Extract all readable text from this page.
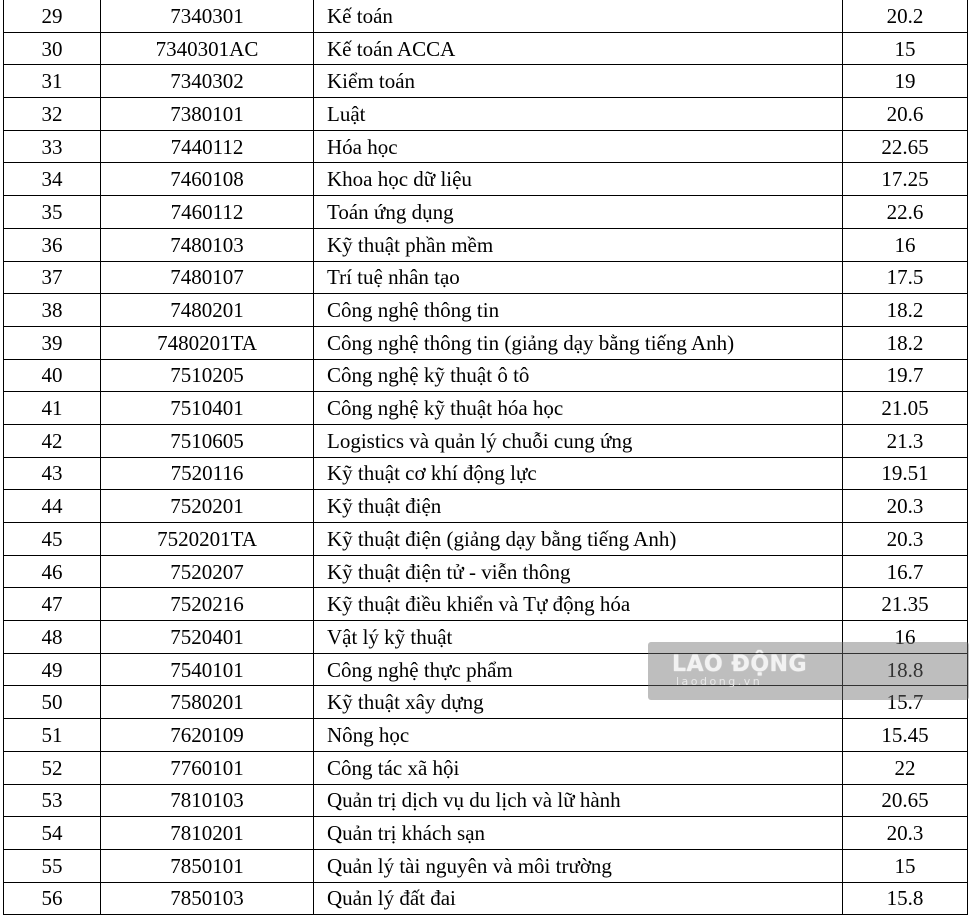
29	7340301	Kế toán	20.2
30	7340301AC	Kế toán ACCA	15
31	7340302	Kiểm toán	19
32	7380101	Luật	20.6
33	7440112	Hóa học	22.65
34	7460108	Khoa học dữ liệu	17.25
35	7460112	Toán ứng dụng	22.6
36	7480103	Kỹ thuật phần mềm	16
37	7480107	Trí tuệ nhân tạo	17.5
38	7480201	Công nghệ thông tin	18.2
39	7480201TA	Công nghệ thông tin (giảng dạy bằng tiếng Anh)	18.2
40	7510205	Công nghệ kỹ thuật ô tô	19.7
41	7510401	Công nghệ kỹ thuật hóa học	21.05
42	7510605	Logistics và quản lý chuỗi cung ứng	21.3
43	7520116	Kỹ thuật cơ khí động lực	19.51
44	7520201	Kỹ thuật điện	20.3
45	7520201TA	Kỹ thuật điện (giảng dạy bằng tiếng Anh)	20.3
46	7520207	Kỹ thuật điện tử - viễn thông	16.7
47	7520216	Kỹ thuật điều khiển và Tự động hóa	21.35
48	7520401	Vật lý kỹ thuật	16
49	7540101	Công nghệ thực phẩm	18.8
50	7580201	Kỹ thuật xây dựng	15.7
51	7620109	Nông học	15.45
52	7760101	Công tác xã hội	22
53	7810103	Quản trị dịch vụ du lịch và lữ hành	20.65
54	7810201	Quản trị khách sạn	20.3
55	7850101	Quản lý tài nguyên và môi trường	15
56	7850103	Quản lý đất đai	15.8
LAO ĐỘNG
laodong.vn
